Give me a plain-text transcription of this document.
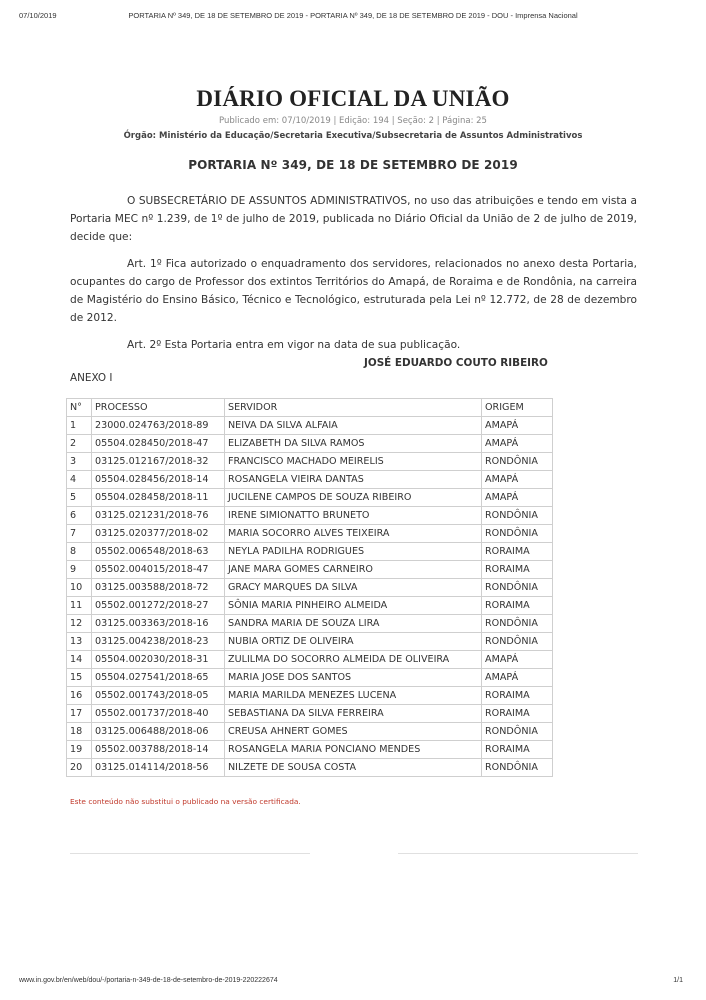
07/10/2019	PORTARIA Nº 349, DE 18 DE SETEMBRO DE 2019 - PORTARIA Nº 349, DE 18 DE SETEMBRO DE 2019 - DOU - Imprensa Nacional
DIÁRIO OFICIAL DA UNIÃO
Publicado em: 07/10/2019 | Edição: 194 | Seção: 2 | Página: 25
Órgão: Ministério da Educação/Secretaria Executiva/Subsecretaria de Assuntos Administrativos
PORTARIA Nº 349, DE 18 DE SETEMBRO DE 2019

O SUBSECRETÁRIO DE ASSUNTOS ADMINISTRATIVOS, no uso das atribuições e tendo em vista a Portaria MEC nº 1.239, de 1º de julho de 2019, publicada no Diário Oficial da União de 2 de julho de 2019, decide que:

Art. 1º Fica autorizado o enquadramento dos servidores, relacionados no anexo desta Portaria, ocupantes do cargo de Professor dos extintos Territórios do Amapá, de Roraima e de Rondônia, na carreira de Magistério do Ensino Básico, Técnico e Tecnológico, estruturada pela Lei nº 12.772, de 28 de dezembro de 2012.

Art. 2º Esta Portaria entra em vigor na data de sua publicação.

JOSÉ EDUARDO COUTO RIBEIRO
ANEXO I
N°	PROCESSO	SERVIDOR	ORIGEM
1	23000.024763/2018-89	NEIVA DA SILVA ALFAIA	AMAPÁ
2	05504.028450/2018-47	ELIZABETH DA SILVA RAMOS	AMAPÁ
3	03125.012167/2018-32	FRANCISCO MACHADO MEIRELIS	RONDÔNIA
4	05504.028456/2018-14	ROSANGELA VIEIRA DANTAS	AMAPÁ
5	05504.028458/2018-11	JUCILENE CAMPOS DE SOUZA RIBEIRO	AMAPÁ
6	03125.021231/2018-76	IRENE SIMIONATTO BRUNETO	RONDÔNIA
7	03125.020377/2018-02	MARIA SOCORRO ALVES TEIXEIRA	RONDÔNIA
8	05502.006548/2018-63	NEYLA PADILHA RODRIGUES	RORAIMA
9	05502.004015/2018-47	JANE MARA GOMES CARNEIRO	RORAIMA
10	03125.003588/2018-72	GRACY MARQUES DA SILVA	RONDÔNIA
11	05502.001272/2018-27	SÔNIA MARIA PINHEIRO ALMEIDA	RORAIMA
12	03125.003363/2018-16	SANDRA MARIA DE SOUZA LIRA	RONDÔNIA
13	03125.004238/2018-23	NUBIA ORTIZ DE OLIVEIRA	RONDÔNIA
14	05504.002030/2018-31	ZULILMA DO SOCORRO ALMEIDA DE OLIVEIRA	AMAPÁ
15	05504.027541/2018-65	MARIA JOSE DOS SANTOS	AMAPÁ
16	05502.001743/2018-05	MARIA MARILDA MENEZES LUCENA	RORAIMA
17	05502.001737/2018-40	SEBASTIANA DA SILVA FERREIRA	RORAIMA
18	03125.006488/2018-06	CREUSA AHNERT GOMES	RONDÔNIA
19	05502.003788/2018-14	ROSANGELA MARIA PONCIANO MENDES	RORAIMA
20	03125.014114/2018-56	NILZETE DE SOUSA COSTA	RONDÔNIA
Este conteúdo não substitui o publicado na versão certificada.
www.in.gov.br/en/web/dou/-/portaria-n-349-de-18-de-setembro-de-2019-220222674	1/1
